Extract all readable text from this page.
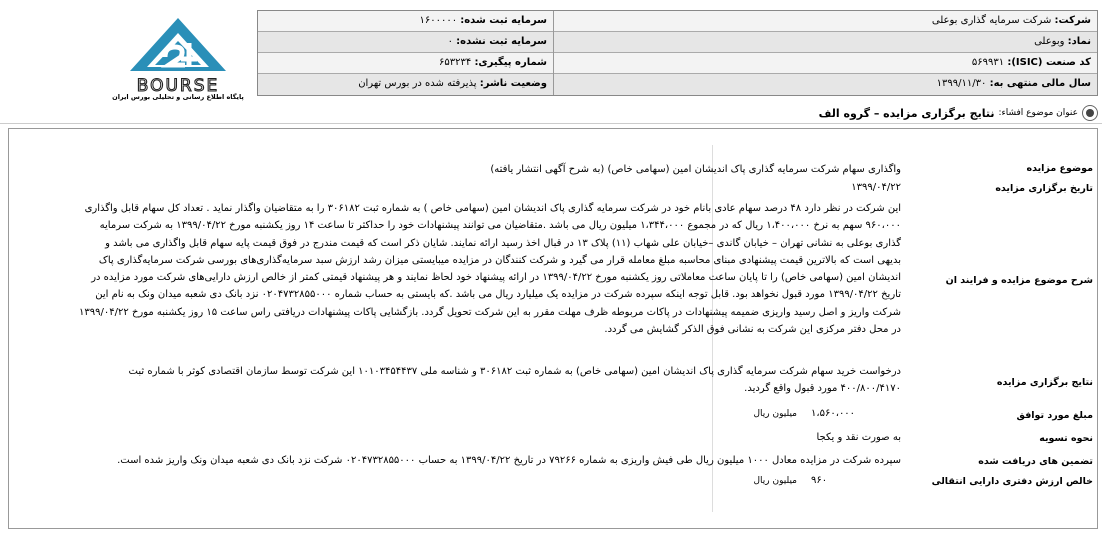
شرکت: شرکت سرمایه گذاری بوعلی
سرمایه ثبت شده: ۱۶۰۰۰۰۰
نماد: وبوعلی
سرمایه ثبت نشده: ۰
کد صنعت (ISIC): ۵۶۹۹۳۱
شماره پیگیری: ۶۵۳۲۳۴
سال مالی منتهی به: ۱۳۹۹/۱۱/۳۰
وضعیت ناشر: پذیرفته شده در بورس تهران
BOURSE
پایگاه اطلاع رسانی و تحلیلی بورس ایران
عنوان موضوع افشاء:
نتایج برگزاری مزایده – گروه الف
موضوع مزایده

واگذاری سهام شرکت سرمایه گذاری پاک اندیشان امین (سهامی خاص) (به شرح آگهی انتشار یافته)

تاریخ برگزاری مزایده

۱۳۹۹/۰۴/۲۲

شرح موضوع مزایده و فرایند ان

این شرکت در نظر دارد ۴۸ درصد سهام عادی بانام خود در شرکت سرمایه گذاری پاک اندیشان امین (سهامی خاص ) به شماره ثبت ۳۰۶۱۸۲ را به متقاضیان واگذار نماید . تعداد کل سهام قابل واگذاری

۹۶۰،۰۰۰ سهم به نرخ ۱،۴۰۰،۰۰۰ ریال که در مجموع ۱،۳۴۴،۰۰۰ میلیون ریال می باشد .متقاضیان می توانند پیشنهادات خود را حداکثر تا ساعت ۱۴ روز یکشنبه مورخ ۱۳۹۹/۰۴/۲۲ به شرکت سرمایه

گذاری بوعلی به نشانی تهران – خیابان گاندی –خیابان علی شهاب (۱۱) پلاک ۱۳ در قبال اخذ رسید ارائه نمایند. شایان ذکر است که قیمت مندرج در فوق قیمت پایه سهام قابل واگذاری می باشد و

بدیهی است که بالاترین قیمت پیشنهادی مبنای محاسبه مبلغ معامله قرار می گیرد و شرکت کنندگان در مزایده میبایستی میزان رشد ارزش سبد سرمایه‌گذاری‌های بورسی شرکت سرمایه‌گذاری پاک

اندیشان امین (سهامی خاص) را تا پایان ساعت معاملاتی روز یکشنبه مورخ ۱۳۹۹/۰۴/۲۲ در ارائه پیشنهاد خود لحاظ نمایند و هر پیشنهاد قیمتی کمتر از خالص ارزش دارایی‌های شرکت مورد مزایده در

تاریخ ۱۳۹۹/۰۴/۲۲ مورد قبول نخواهد بود. قابل توجه اینکه سپرده شرکت در مزایده یک میلیارد ریال می باشد .که بایستی به حساب شماره ۰۲۰۴۷۳۲۸۵۵۰۰۰ نزد بانک دی شعبه میدان ونک به نام این

شرکت واریز و اصل رسید واریزی ضمیمه پیشنهادات در پاکات مربوطه ظرف مهلت مقرر به این شرکت تحویل گردد. بازگشایی پاکات پیشنهادات دریافتی راس ساعت ۱۵ روز یکشنبه مورخ ۱۳۹۹/۰۴/۲۲

در محل دفتر مرکزی این شرکت به نشانی فوق الذکر گشایش می گردد.

نتایج برگزاری مزایده

درخواست خرید سهام شرکت سرمایه گذاری پاک اندیشان امین (سهامی خاص) به شماره ثبت ۳۰۶۱۸۲ و شناسه ملی ۱۰۱۰۳۴۵۴۴۳۷ این شرکت توسط سازمان اقتصادی کوثر با شماره ثبت

۴۰۰/۸۰۰/۴۱۷۰ مورد قبول واقع گردید.

مبلغ مورد توافق

۱،۵۶۰،۰۰۰میلیون ریال

نحوه تسویه

به صورت نقد و یکجا

تضمین های دریافت شده

سپرده شرکت در مزایده معادل ۱۰۰۰ میلیون ریال طی فیش واریزی به شماره ۷۹۲۶۶ در تاریخ ۱۳۹۹/۰۴/۲۲ به حساب ۰۲۰۴۷۳۲۸۵۵۰۰۰ شرکت نزد بانک دی شعبه میدان ونک واریز شده است.

خالص ارزش دفتری دارایی انتقالی

۹۶۰میلیون ریال
